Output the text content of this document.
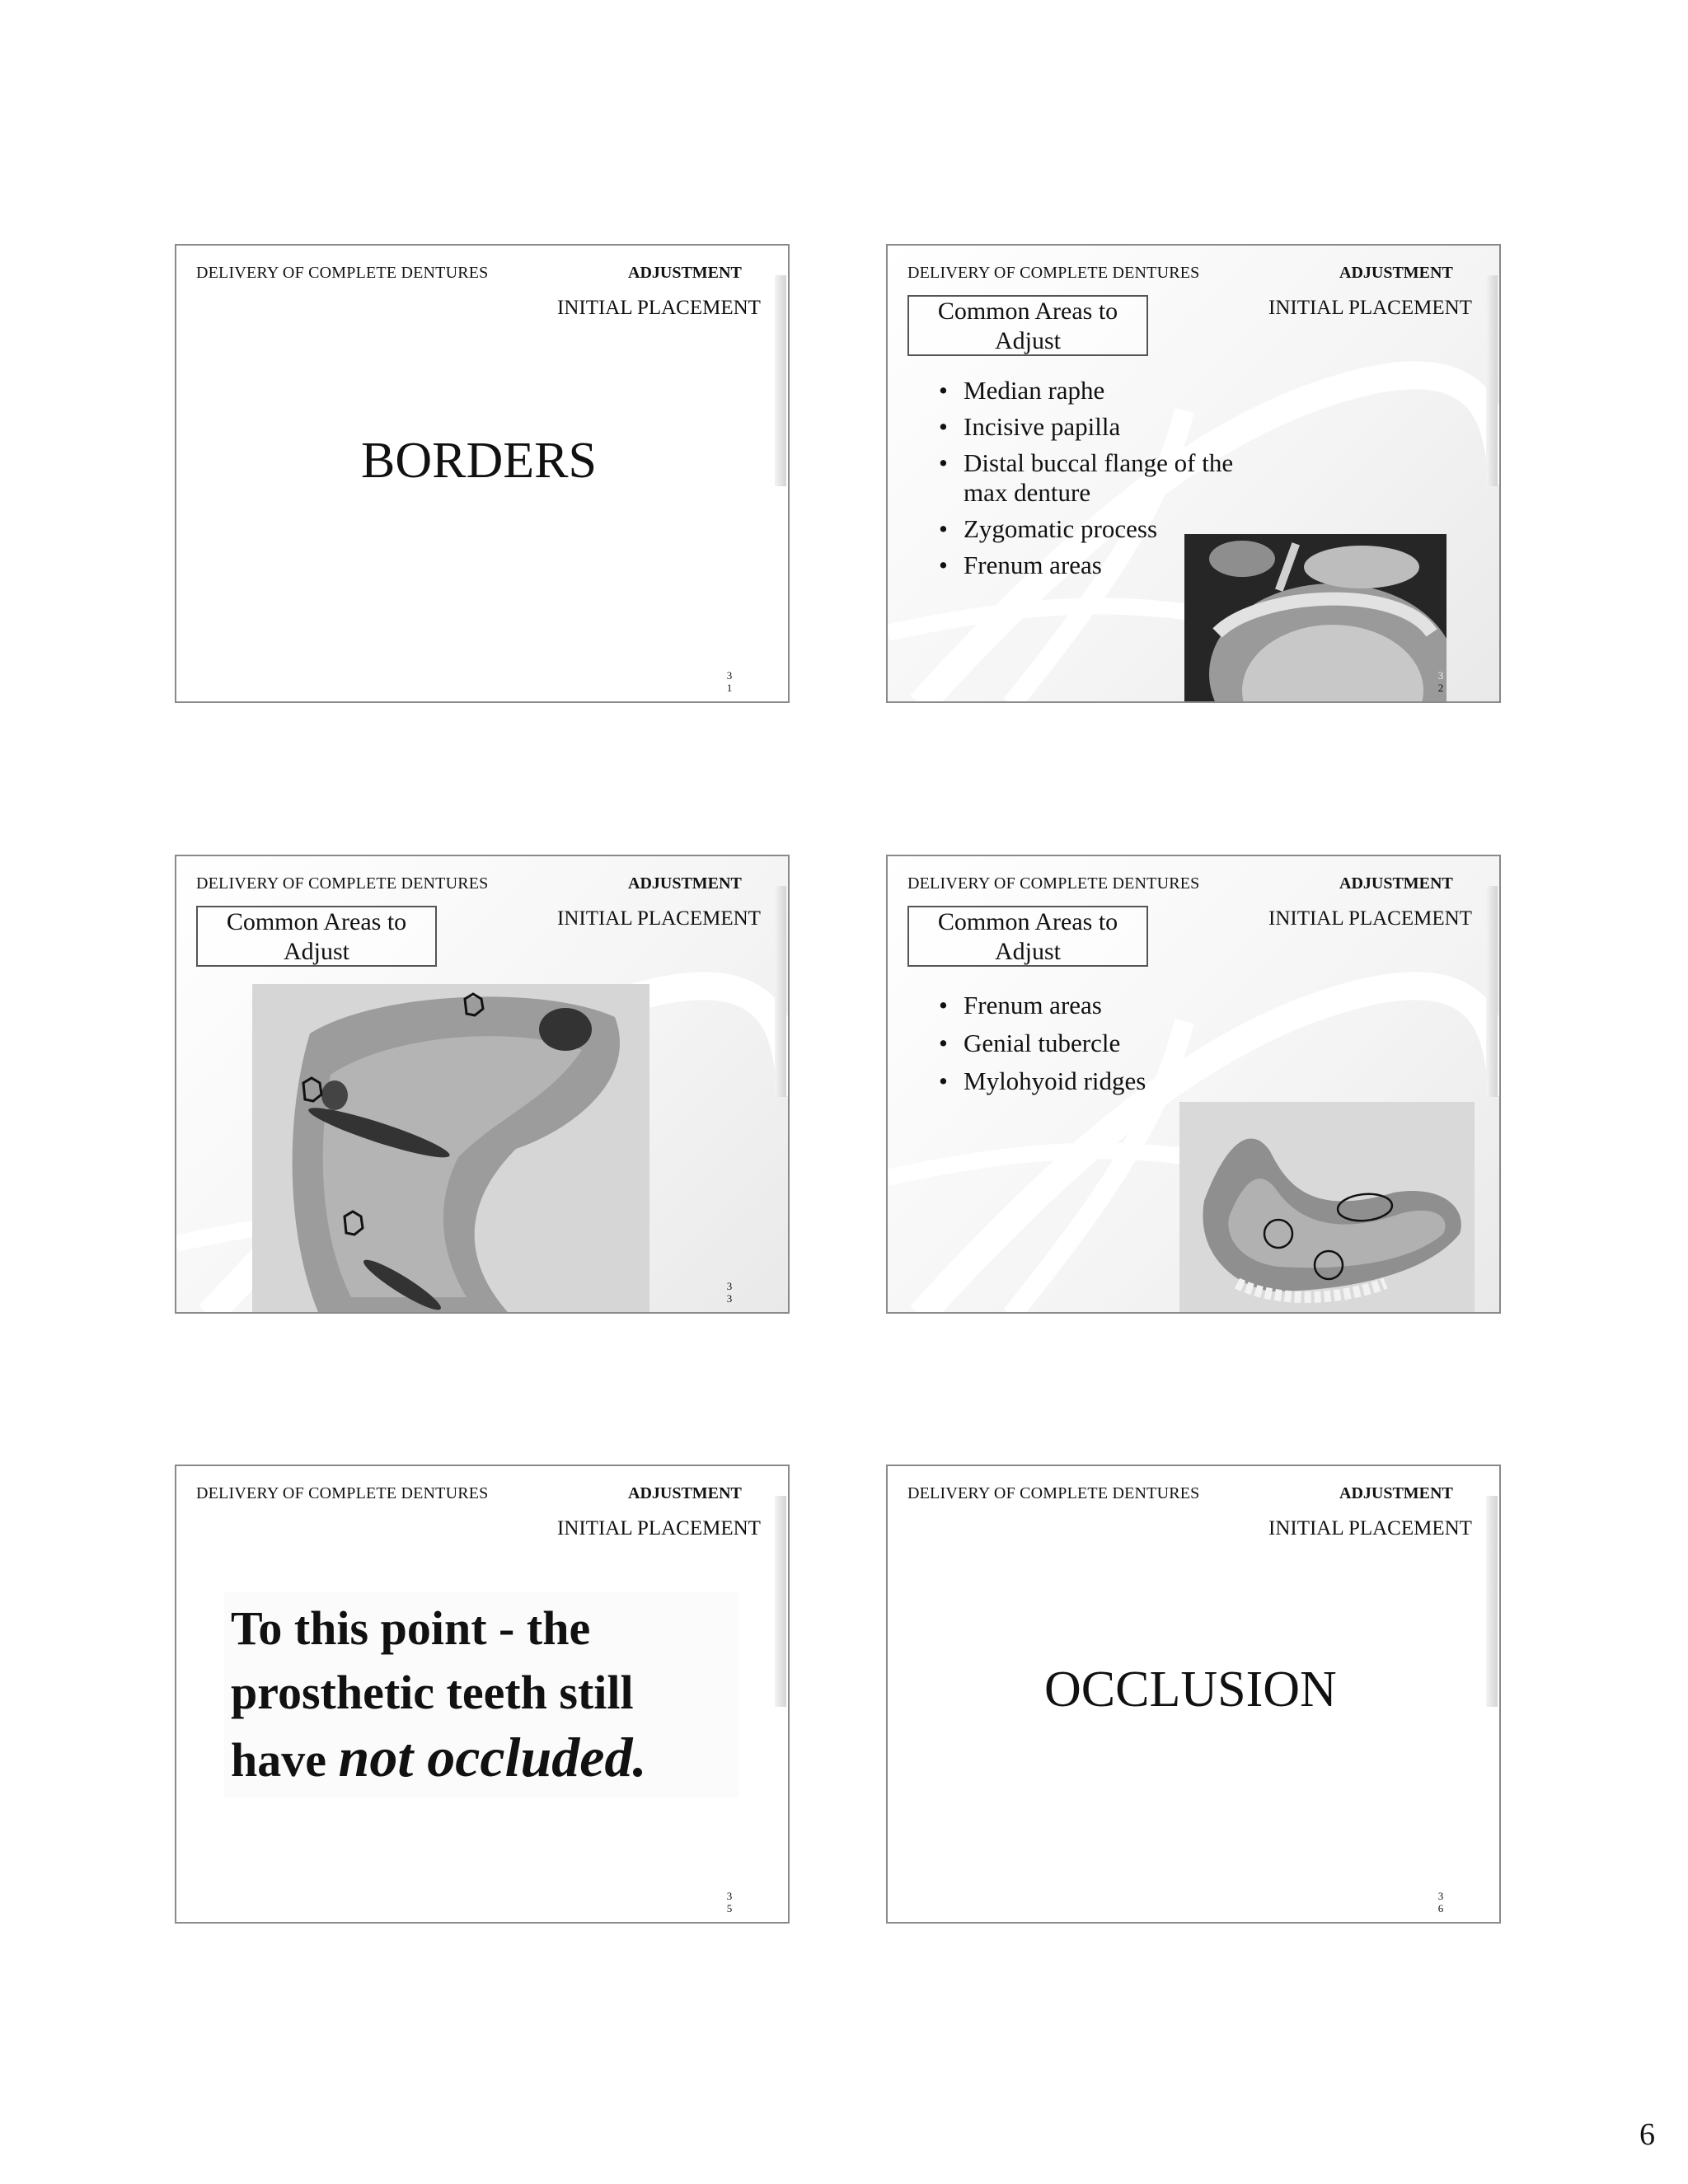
DELIVERY OF COMPLETE DENTURES	ADJUSTMENT
INITIAL PLACEMENT
BORDERS
3
1
DELIVERY OF COMPLETE DENTURES	ADJUSTMENT
INITIAL PLACEMENT
Common Areas to
Adjust
• Median raphe
• Incisive papilla
• Distal buccal flange of the max denture
• Zygomatic process
• Frenum areas
3
2
DELIVERY OF COMPLETE DENTURES	ADJUSTMENT
INITIAL PLACEMENT
Common Areas to
Adjust
3
3
DELIVERY OF COMPLETE DENTURES	ADJUSTMENT
INITIAL PLACEMENT
Common Areas to
Adjust
• Frenum areas
• Genial tubercle
• Mylohyoid ridges
DELIVERY OF COMPLETE DENTURES	ADJUSTMENT
INITIAL PLACEMENT
To this point - the
prosthetic teeth still
have not occluded.
3
5
DELIVERY OF COMPLETE DENTURES	ADJUSTMENT
INITIAL PLACEMENT
OCCLUSION
3
6
6
